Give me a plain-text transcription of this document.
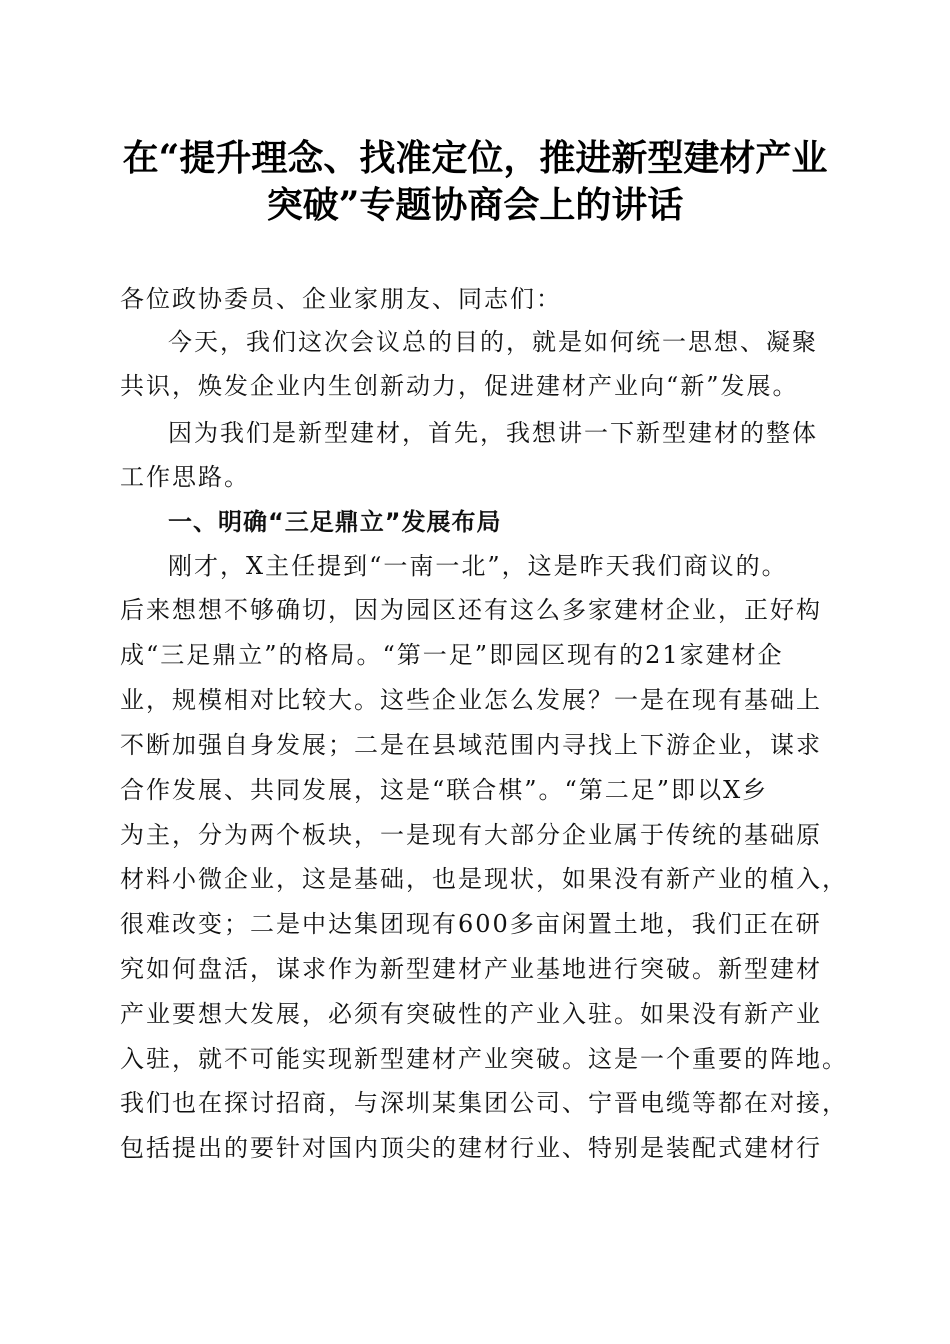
在“提升理念、找准定位，推进新型建材产业
突破”专题协商会上的讲话
各位政协委员、企业家朋友、同志们：
今天，我们这次会议总的目的，就是如何统一思想、凝聚
共识，焕发企业内生创新动力，促进建材产业向“新”发展。
因为我们是新型建材，首先，我想讲一下新型建材的整体
工作思路。
一、明确“三足鼎立”发展布局
刚才，X主任提到“一南一北”，这是昨天我们商议的。
后来想想不够确切，因为园区还有这么多家建材企业，正好构
成“三足鼎立”的格局。“第一足”即园区现有的21家建材企
业，规模相对比较大。这些企业怎么发展？一是在现有基础上
不断加强自身发展；二是在县域范围内寻找上下游企业，谋求
合作发展、共同发展，这是“联合棋”。“第二足”即以X乡
为主，分为两个板块，一是现有大部分企业属于传统的基础原
材料小微企业，这是基础，也是现状，如果没有新产业的植入，
很难改变；二是中达集团现有600多亩闲置土地，我们正在研
究如何盘活，谋求作为新型建材产业基地进行突破。新型建材
产业要想大发展，必须有突破性的产业入驻。如果没有新产业
入驻，就不可能实现新型建材产业突破。这是一个重要的阵地。
我们也在探讨招商，与深圳某集团公司、宁晋电缆等都在对接，
包括提出的要针对国内顶尖的建材行业、特别是装配式建材行
